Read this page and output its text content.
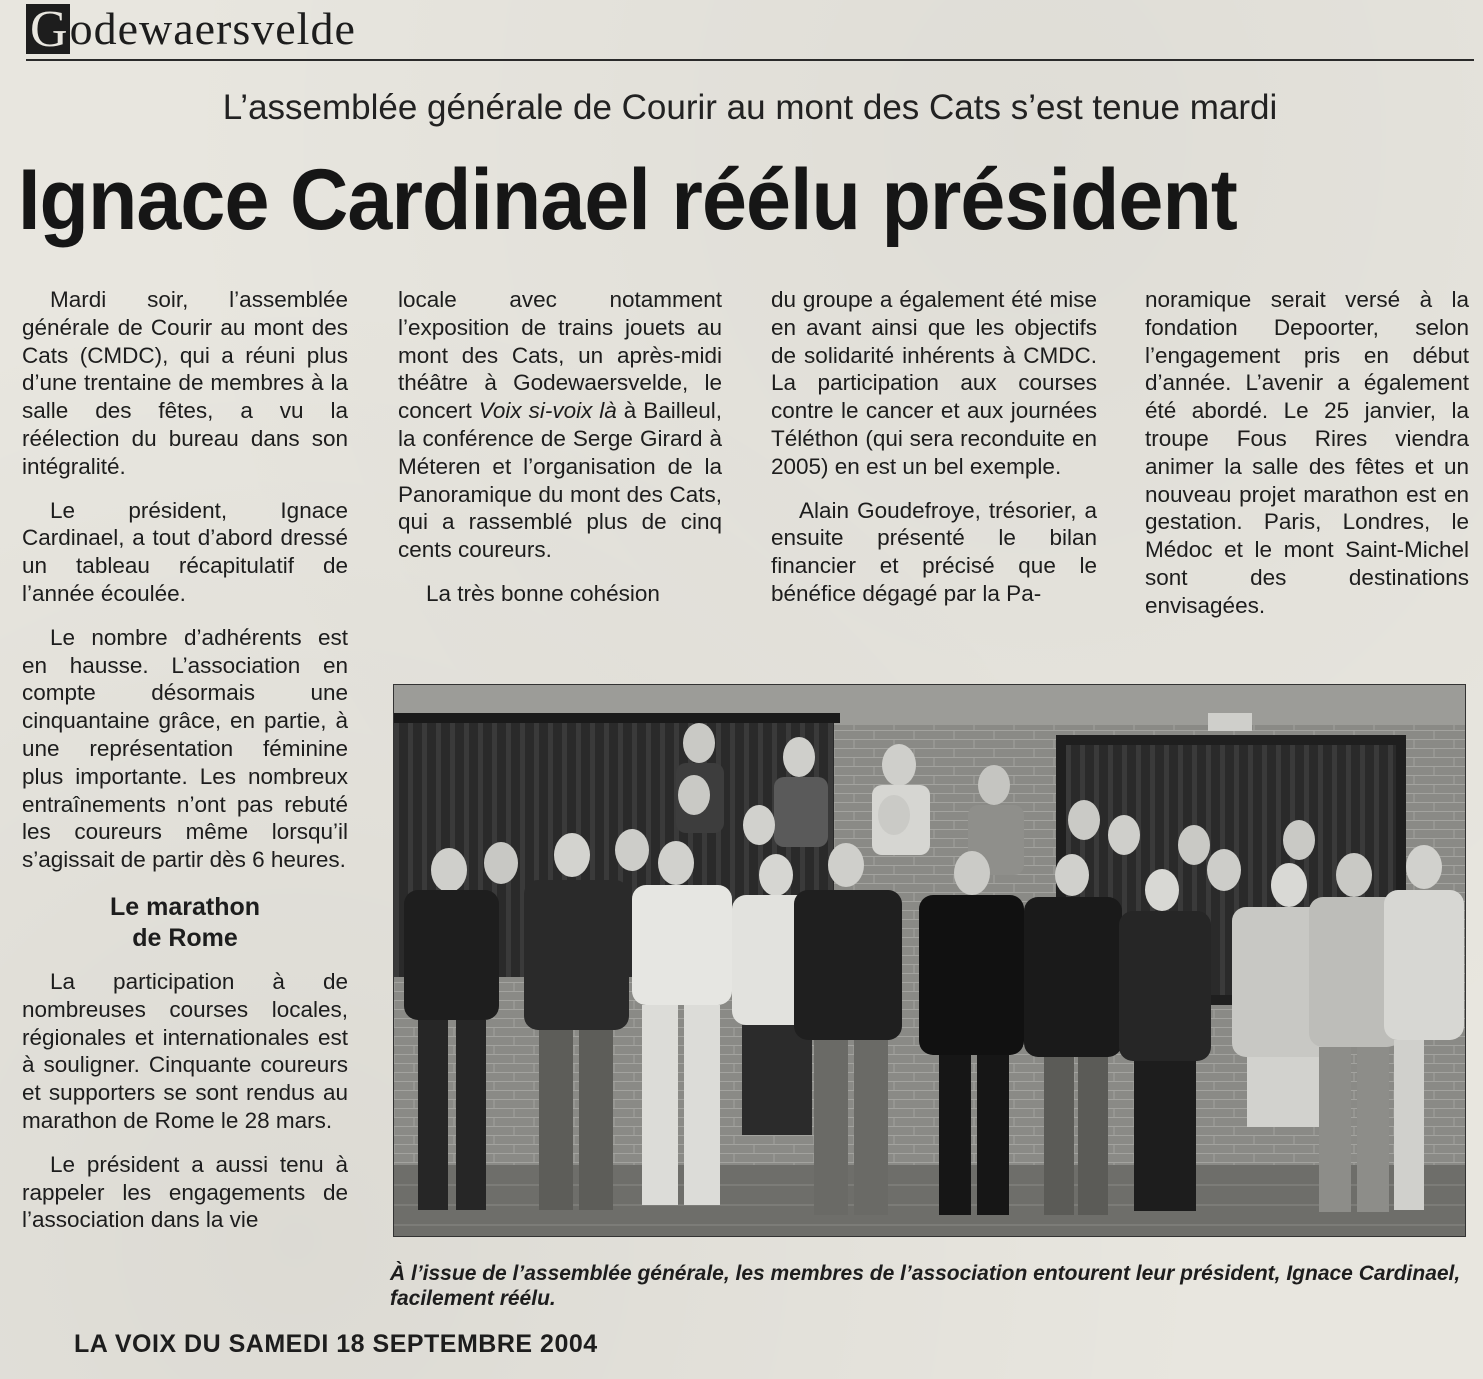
G odewaersvelde
L’assemblée générale de Courir au mont des Cats s’est tenue mardi
Ignace Cardinael réélu président

Mardi soir, l’assemblée générale de Courir au mont des Cats (CMDC), qui a réuni plus d’une trentaine de membres à la salle des fêtes, a vu la réélection du bureau dans son intégralité.

Le président, Ignace Cardinael, a tout d’abord dressé un tableau récapitulatif de l’année écoulée.

Le nombre d’adhérents est en hausse. L’association en compte désormais une cinquantaine grâce, en partie, à une représentation féminine plus importante. Les nombreux entraînements n’ont pas rebuté les coureurs même lorsqu’il s’agissait de partir dès 6 heures.

Le marathon
de Rome

La participation à de nombreuses courses locales, régionales et internationales est à souligner. Cinquante coureurs et supporters se sont rendus au marathon de Rome le 28 mars.

Le président a aussi tenu à rappeler les engagements de l’association dans la vie

locale avec notamment l’exposition de trains jouets au mont des Cats, un après-midi théâtre à Godewaersvelde, le concert Voix si-voix là à Bailleul, la conférence de Serge Girard à Méteren et l’organisation de la Panoramique du mont des Cats, qui a rassemblé plus de cinq cents coureurs.

La très bonne cohésion

du groupe a également été mise en avant ainsi que les objectifs de solidarité inhérents à CMDC. La participation aux courses contre le cancer et aux journées Téléthon (qui sera reconduite en 2005) en est un bel exemple.

Alain Goudefroye, trésorier, a ensuite présenté le bilan financier et précisé que le bénéfice dégagé par la Pa-

noramique serait versé à la fondation Depoorter, selon l’engagement pris en début d’année. L’avenir a également été abordé. Le 25 janvier, la troupe Fous Rires viendra animer la salle des fêtes et un nouveau projet marathon est en gestation. Paris, Londres, le Médoc et le mont Saint-Michel sont des destinations envisagées.

À l’issue de l’assemblée générale, les membres de l’association entourent leur président, Ignace Cardinael, facilement réélu.
LA VOIX DU SAMEDI 18 SEPTEMBRE 2004
